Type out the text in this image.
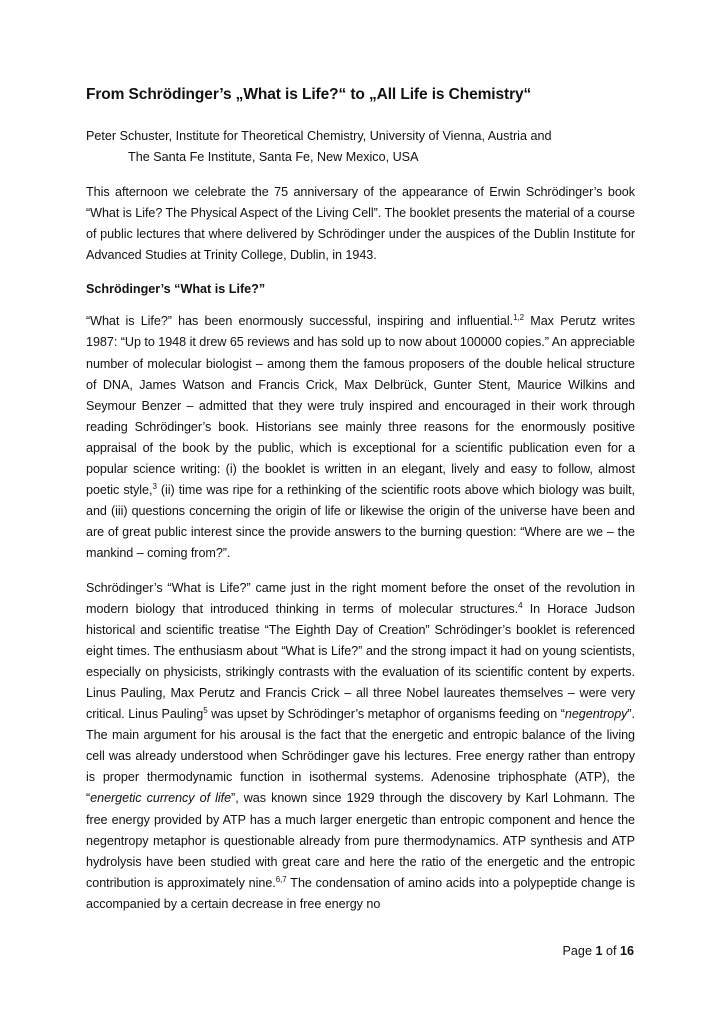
From Schrödinger’s „What is Life?“ to „All Life is Chemistry“
Peter Schuster, Institute for Theoretical Chemistry, University of Vienna, Austria and
The Santa Fe Institute, Santa Fe, New Mexico, USA

This afternoon we celebrate the 75 anniversary of the appearance of Erwin Schrödinger’s book “What is Life? The Physical Aspect of the Living Cell”. The booklet presents the material of a course of public lectures that where delivered by Schrödinger under the auspices of the Dublin Institute for Advanced Studies at Trinity College, Dublin, in 1943.

Schrödinger’s “What is Life?”

“What is Life?” has been enormously successful, inspiring and influential.$^{1,2}$ Max Perutz writes 1987: “Up to 1948 it drew 65 reviews and has sold up to now about 100000 copies.” An appreciable number of molecular biologist – among them the famous proposers of the double helical structure of DNA, James Watson and Francis Crick, Max Delbrück, Gunter Stent, Maurice Wilkins and Seymour Benzer – admitted that they were truly inspired and encouraged in their work through reading Schrödinger’s book. Historians see mainly three reasons for the enormously positive appraisal of the book by the public, which is exceptional for a scientific publication even for a popular science writing: (i) the booklet is written in an elegant, lively and easy to follow, almost poetic style,$^3$ (ii) time was ripe for a rethinking of the scientific roots above which biology was built, and (iii) questions concerning the origin of life or likewise the origin of the universe have been and are of great public interest since the provide answers to the burning question: “Where are we – the mankind – coming from?”.

Schrödinger’s “What is Life?” came just in the right moment before the onset of the revolution in modern biology that introduced thinking in terms of molecular structures.$^4$ In Horace Judson historical and scientific treatise “The Eighth Day of Creation” Schrödinger’s booklet is referenced eight times. The enthusiasm about “What is Life?” and the strong impact it had on young scientists, especially on physicists, strikingly contrasts with the evaluation of its scientific content by experts. Linus Pauling, Max Perutz and Francis Crick – all three Nobel laureates themselves – were very critical. Linus Pauling$^5$ was upset by Schrödinger’s metaphor of organisms feeding on “negentropy”. The main argument for his arousal is the fact that the energetic and entropic balance of the living cell was already understood when Schrödinger gave his lectures. Free energy rather than entropy is proper thermodynamic function in isothermal systems. Adenosine triphosphate (ATP), the “energetic currency of life”, was known since 1929 through the discovery by Karl Lohmann. The free energy provided by ATP has a much larger energetic than entropic component and hence the negentropy metaphor is questionable already from pure thermodynamics. ATP synthesis and ATP hydrolysis have been studied with great care and here the ratio of the energetic and the entropic contribution is approximately nine.$^{6,7}$ The condensation of amino acids into a polypeptide change is accompanied by a certain decrease in free energy no

Page 1 of 16
